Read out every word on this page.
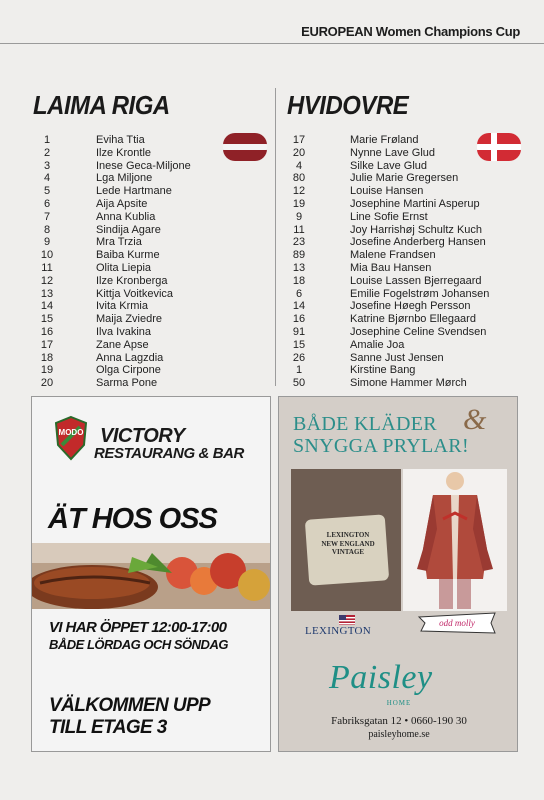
EUROPEAN Women Champions Cup
LAIMA RIGA	HVIDOVRE
1	Eviha Ttia
2	Ilze Krontle
3	Inese Geca-Miljone
4	Lga Miljone
5	Lede Hartmane
6	Aija Apsite
7	Anna Kublia
8	Sindija Agare
9	Mra Trzia
10	Baiba Kurme
11	Olita Liepia
12	Ilze Kronberga
13	Kittja Voitkevica
14	Ivita Krmia
15	Maija Zviedre
16	Ilva Ivakina
17	Zane Apse
18	Anna Lagzdia
19	Olga Cirpone
20	Sarma Pone
17	Marie Frøland
20	Nynne Lave Glud
4	Silke Lave Glud
80	Julie Marie Gregersen
12	Louise Hansen
19	Josephine Martini Asperup
9	Line Sofie Ernst
11	Joy Harrishøj Schultz Kuch
23	Josefine Anderberg Hansen
89	Malene Frandsen
13	Mia Bau Hansen
18	Louise Lassen Bjerregaard
6	Emilie Fogelstrøm Johansen
14	Josefine Høegh Persson
16	Katrine Bjørnbo Ellegaard
91	Josephine Celine Svendsen
15	Amalie Joa
26	Sanne Just Jensen
1	Kirstine Bang
50	Simone Hammer Mørch
MODO VICTORY
RESTAURANG & BAR
ÄT HOS OSS
VI HAR ÖPPET 12:00-17:00
BÅDE LÖRDAG OCH SÖNDAG
VÄLKOMMEN UPP
TILL ETAGE 3
BÅDE KLÄDER
SNYGGA PRYLAR!
&
LEXINGTON
NEW ENGLAND
VINTAGE
LEXINGTON
odd molly
Paisley
HOME
Fabriksgatan 12 • 0660-190 30
paisleyhome.se
